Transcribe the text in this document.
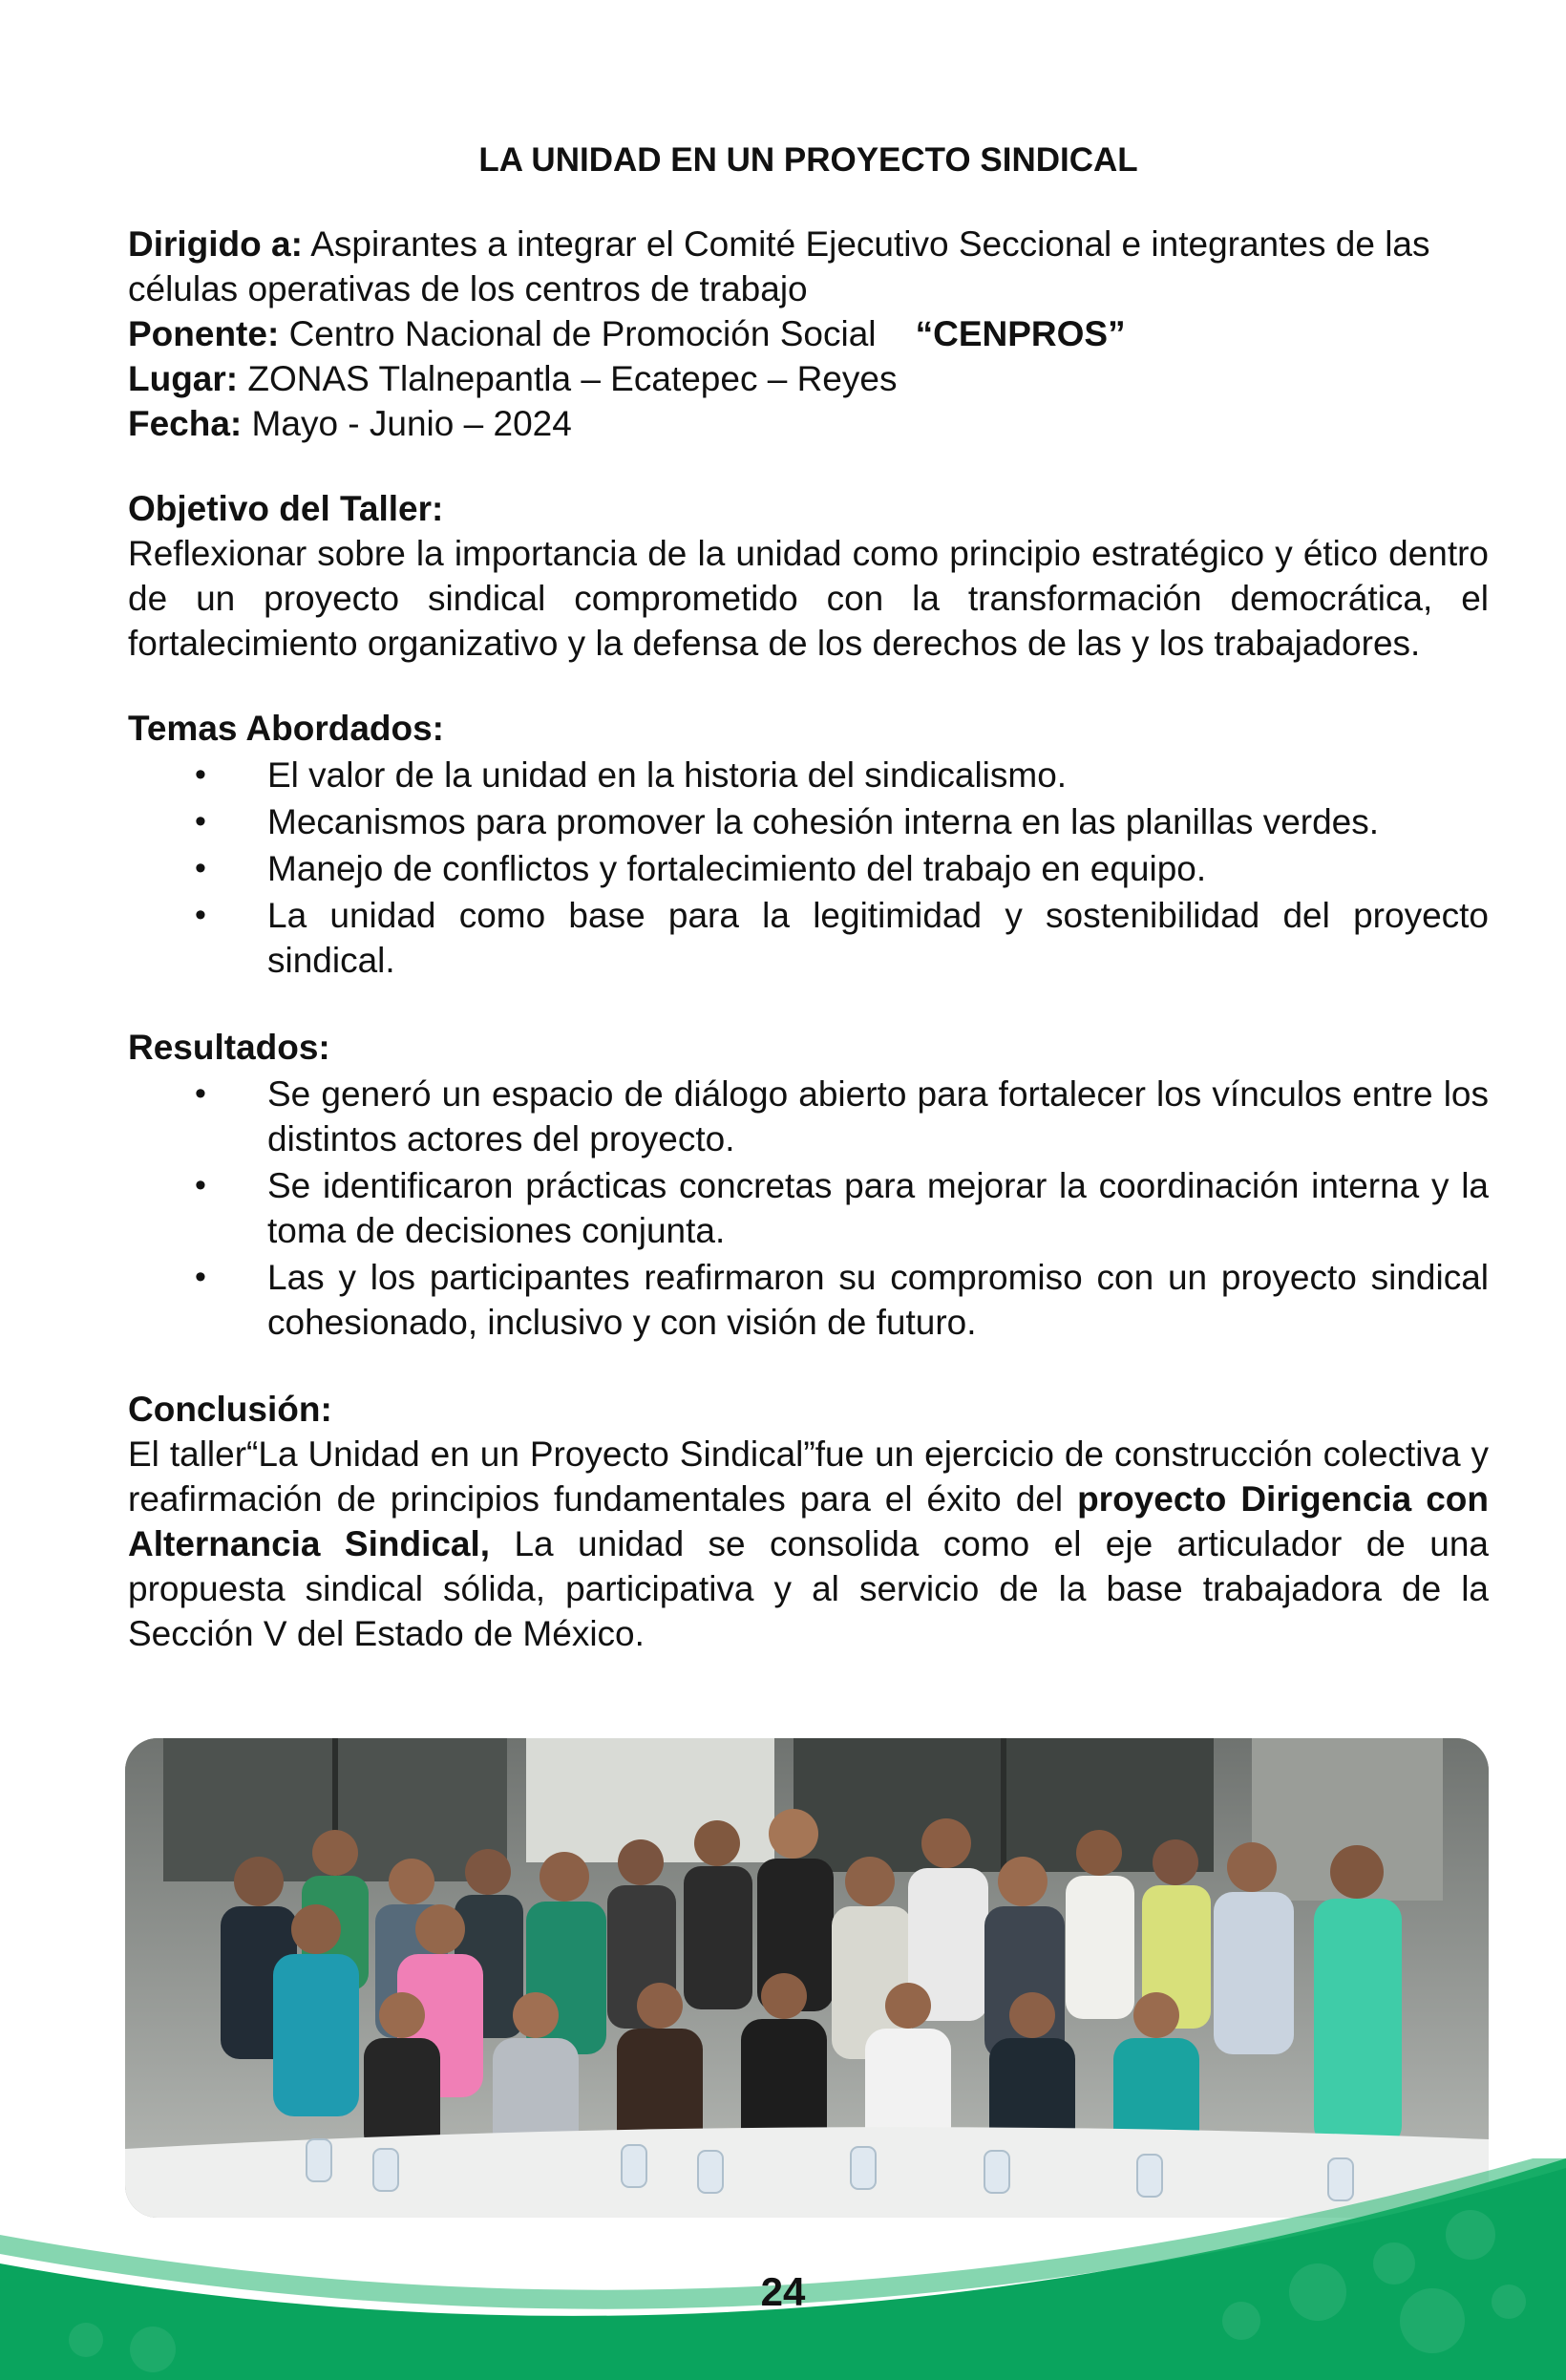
LA UNIDAD EN UN PROYECTO SINDICAL

Dirigido a: Aspirantes a integrar el Comité Ejecutivo Seccional e integrantes de las células operativas de los centros de trabajo

Ponente: Centro Nacional de Promoción Social “CENPROS”

Lugar: ZONAS Tlalnepantla – Ecatepec – Reyes

Fecha: Mayo - Junio – 2024

Objetivo del Taller:

Reflexionar sobre la importancia de la unidad como principio estratégico y ético dentro de un proyecto sindical comprometido con la transformación democrática, el fortalecimiento organizativo y la defensa de los derechos de las y los trabajadores.

Temas Abordados:

• El valor de la unidad en la historia del sindicalismo.
• Mecanismos para promover la cohesión interna en las planillas verdes.
• Manejo de conflictos y fortalecimiento del trabajo en equipo.
• La unidad como base para la legitimidad y sostenibilidad del proyecto sindical.

Resultados:

• Se generó un espacio de diálogo abierto para fortalecer los vínculos entre los distintos actores del proyecto.
• Se identificaron prácticas concretas para mejorar la coordinación interna y la toma de decisiones conjunta.
• Las y los participantes reafirmaron su compromiso con un proyecto sindical cohesionado, inclusivo y con visión de futuro.

Conclusión:

El taller“La Unidad en un Proyecto Sindical”fue un ejercicio de construcción colectiva y reafirmación de principios fundamentales para el éxito del proyecto Dirigencia con Alternancia Sindical, La unidad se consolida como el eje articulador de una propuesta sindical sólida, participativa y al servicio de la base trabajadora de la Sección V del Estado de México.

24
